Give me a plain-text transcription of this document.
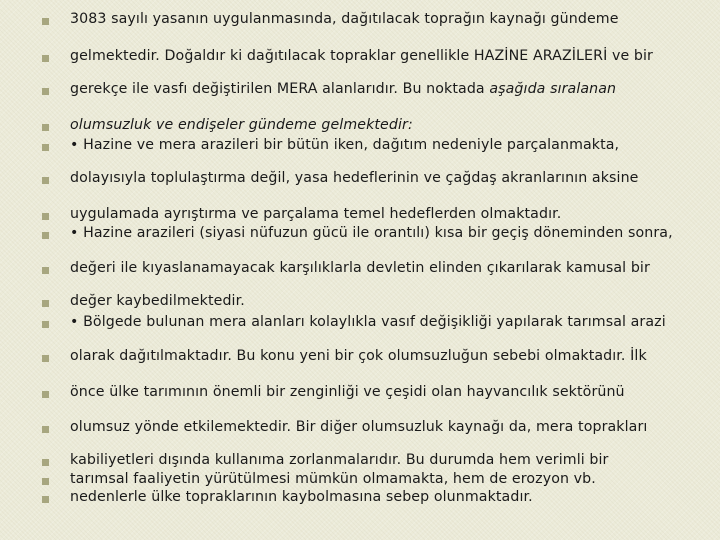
3083 sayılı yasanın uygulanmasında, dağıtılacak toprağın kaynağı gündeme
gelmektedir. Doğaldır ki dağıtılacak topraklar genellikle HAZİNE ARAZİLERİ ve bir
gerekçe ile vasfı değiştirilen MERA alanlarıdır. Bu noktada aşağıda sıralanan
olumsuzluk ve endişeler gündeme gelmektedir:
• Hazine ve mera arazileri bir bütün iken, dağıtım nedeniyle parçalanmakta,
dolayısıyla toplulaştırma değil, yasa hedeflerinin ve çağdaş akranlarının aksine
uygulamada ayrıştırma ve parçalama temel hedeflerden olmaktadır.
• Hazine arazileri (siyasi nüfuzun gücü ile orantılı) kısa bir geçiş döneminden sonra,
değeri ile kıyaslanamayacak karşılıklarla devletin elinden çıkarılarak kamusal bir
değer kaybedilmektedir.
• Bölgede bulunan mera alanları kolaylıkla vasıf değişikliği yapılarak tarımsal arazi
olarak dağıtılmaktadır. Bu konu yeni bir çok olumsuzluğun sebebi olmaktadır. İlk
önce ülke tarımının önemli bir zenginliği ve çeşidi olan hayvancılık sektörünü
olumsuz yönde etkilemektedir. Bir diğer olumsuzluk kaynağı da, mera toprakları
kabiliyetleri dışında kullanıma zorlanmalarıdır. Bu durumda hem verimli bir
tarımsal faaliyetin yürütülmesi mümkün olmamakta, hem de erozyon vb.
nedenlerle ülke topraklarının kaybolmasına sebep olunmaktadır.
